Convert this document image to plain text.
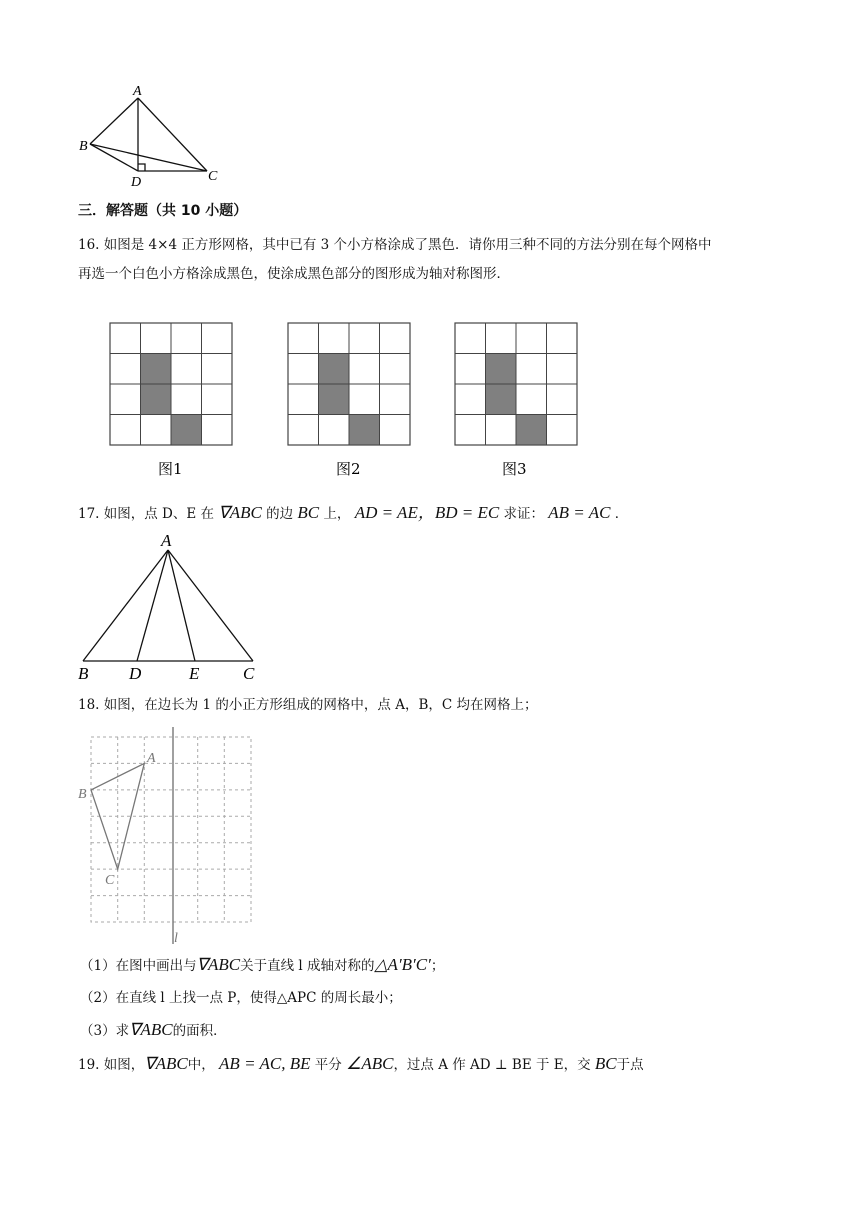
A
B
D	C
三．解答题（共 10 小题）
16. 如图是 4×4 正方形网格，其中已有 3 个小方格涂成了黑色．请你用三种不同的方法分别在每个网格中
再选一个白色小方格涂成黑色，使涂成黑色部分的图形成为轴对称图形．
图1	图2	图3
17. 如图，点 D、E 在 ∇ABC 的边 BC 上， AD = AE，BD = EC 求证： AB = AC ．
A
B D	E	C
18. 如图，在边长为 1 的小正方形组成的网格中，点 A，B，C 均在网格上；
A
B
C
l
（1）在图中画出与∇ABC关于直线 l 成轴对称的△A′B′C′；
（2）在直线 l 上找一点 P，使得△APC 的周长最小；
（3）求∇ABC的面积．
19. 如图，∇ABC中， AB = AC, BE 平分 ∠ABC，过点 A 作 AD ⊥ BE 于 E，交 BC于点
